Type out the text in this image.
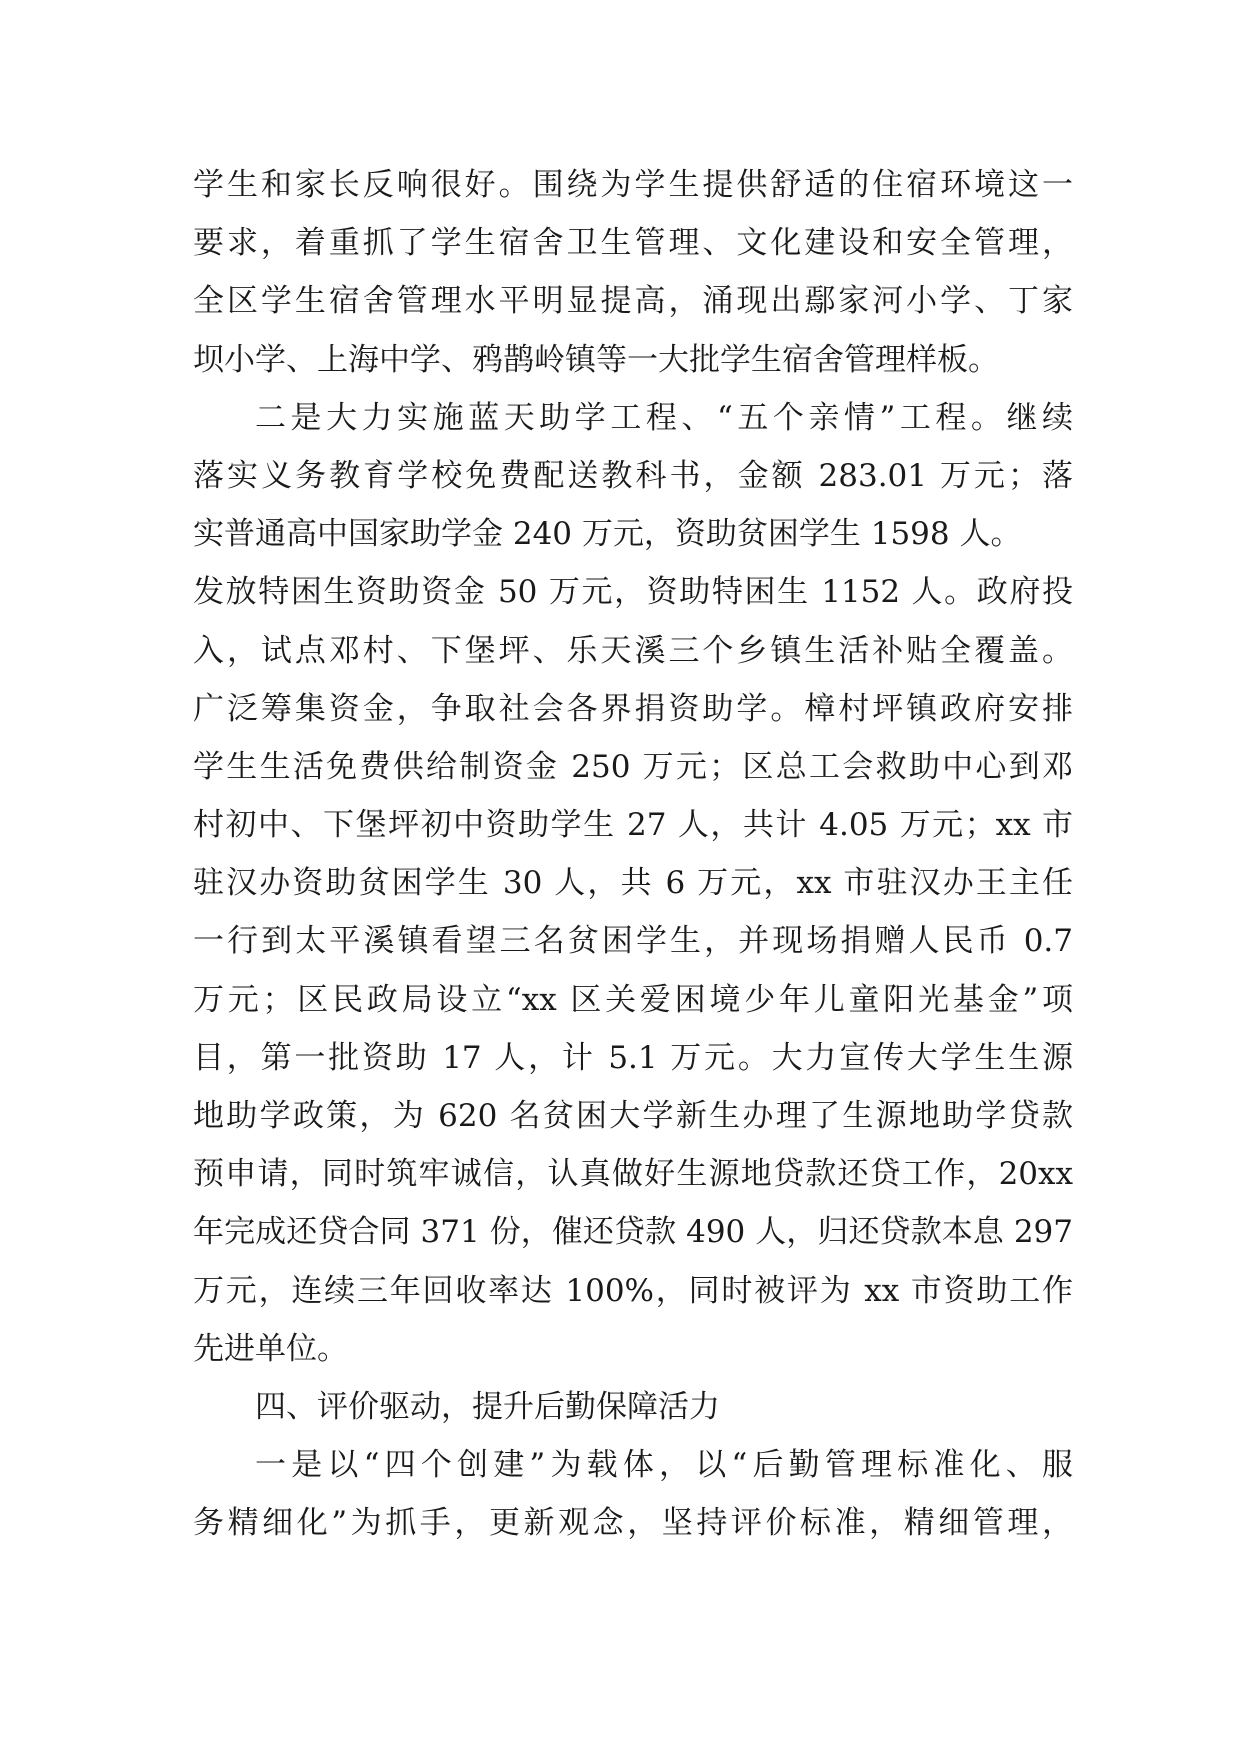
学生和家长反响很好。围绕为学生提供舒适的住宿环境这一
要求，着重抓了学生宿舍卫生管理、文化建设和安全管理，
全区学生宿舍管理水平明显提高，涌现出鄢家河小学、丁家
坝小学、上海中学、鸦鹊岭镇等一大批学生宿舍管理样板。
二是大力实施蓝天助学工程、“五个亲情”工程。继续
落实义务教育学校免费配送教科书，金额 283.01 万元；落
实普通高中国家助学金 240 万元，资助贫困学生 1598 人。
发放特困生资助资金 50 万元，资助特困生 1152 人。政府投
入，试点邓村、下堡坪、乐天溪三个乡镇生活补贴全覆盖。
广泛筹集资金，争取社会各界捐资助学。樟村坪镇政府安排
学生生活免费供给制资金 250 万元；区总工会救助中心到邓
村初中、下堡坪初中资助学生 27 人，共计 4.05 万元；xx 市
驻汉办资助贫困学生 30 人，共 6 万元，xx 市驻汉办王主任
一行到太平溪镇看望三名贫困学生，并现场捐赠人民币 0.7
万元；区民政局设立“xx 区关爱困境少年儿童阳光基金”项
目，第一批资助 17 人，计 5.1 万元。大力宣传大学生生源
地助学政策，为 620 名贫困大学新生办理了生源地助学贷款
预申请，同时筑牢诚信，认真做好生源地贷款还贷工作，20xx
年完成还贷合同 371 份，催还贷款 490 人，归还贷款本息 297
万元，连续三年回收率达 100%，同时被评为 xx 市资助工作
先进单位。
四、评价驱动，提升后勤保障活力
一是以“四个创建”为载体，以“后勤管理标准化、服
务精细化”为抓手，更新观念，坚持评价标准，精细管理，
